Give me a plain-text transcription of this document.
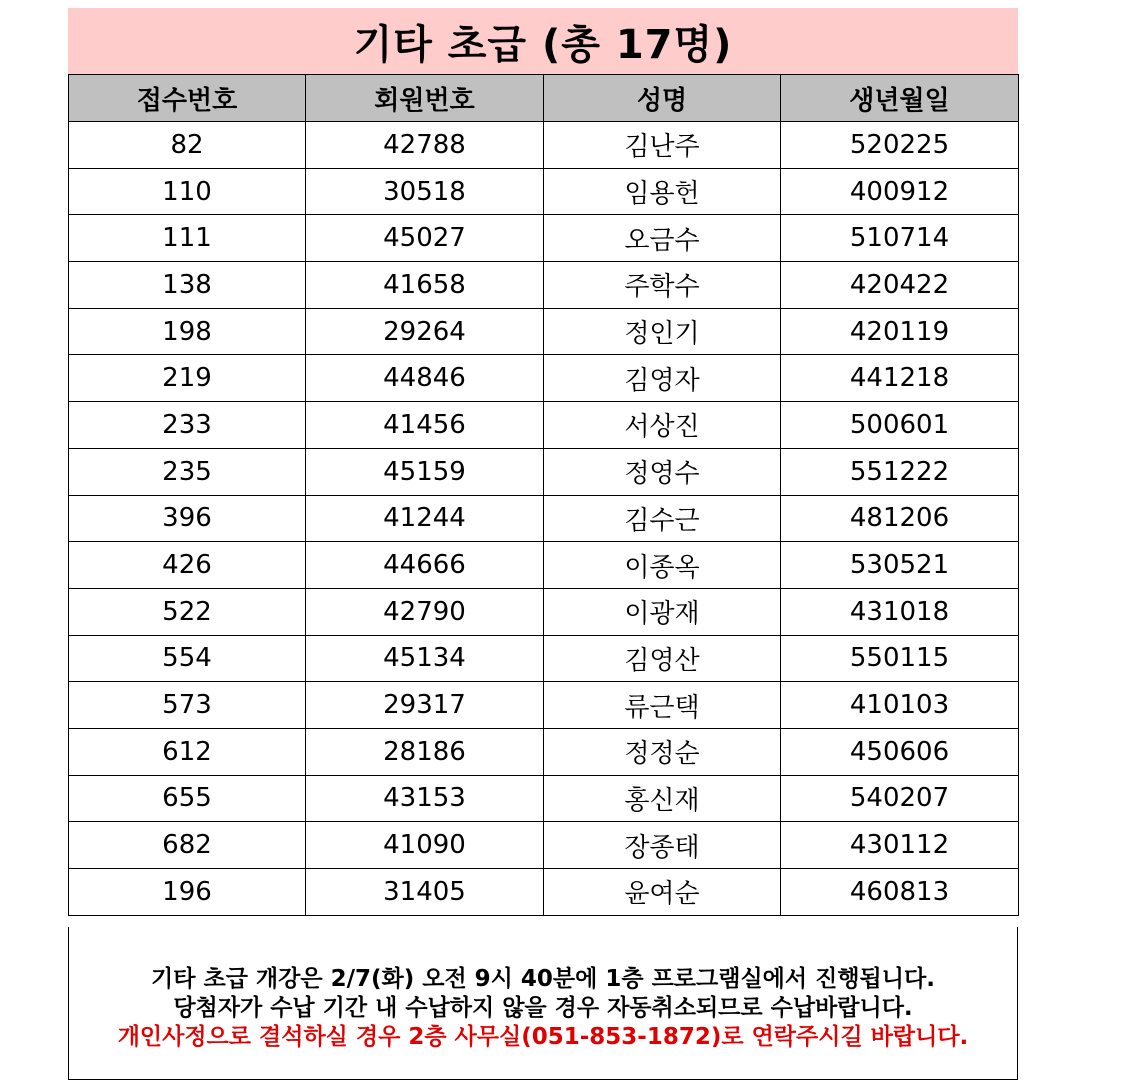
기타 초급 (총 17명)
접수번호	회원번호	성명	생년월일
82	42788	김난주	520225
110	30518	임용헌	400912
111	45027	오금수	510714
138	41658	주학수	420422
198	29264	정인기	420119
219	44846	김영자	441218
233	41456	서상진	500601
235	45159	정영수	551222
396	41244	김수근	481206
426	44666	이종옥	530521
522	42790	이광재	431018
554	45134	김영산	550115
573	29317	류근택	410103
612	28186	정정순	450606
655	43153	홍신재	540207
682	41090	장종태	430112
196	31405	윤여순	460813
기타 초급 개강은 2/7(화) 오전 9시 40분에 1층 프로그램실에서 진행됩니다.
당첨자가 수납 기간 내 수납하지 않을 경우 자동취소되므로 수납바랍니다.
개인사정으로 결석하실 경우 2층 사무실(051-853-1872)로 연락주시길 바랍니다.
